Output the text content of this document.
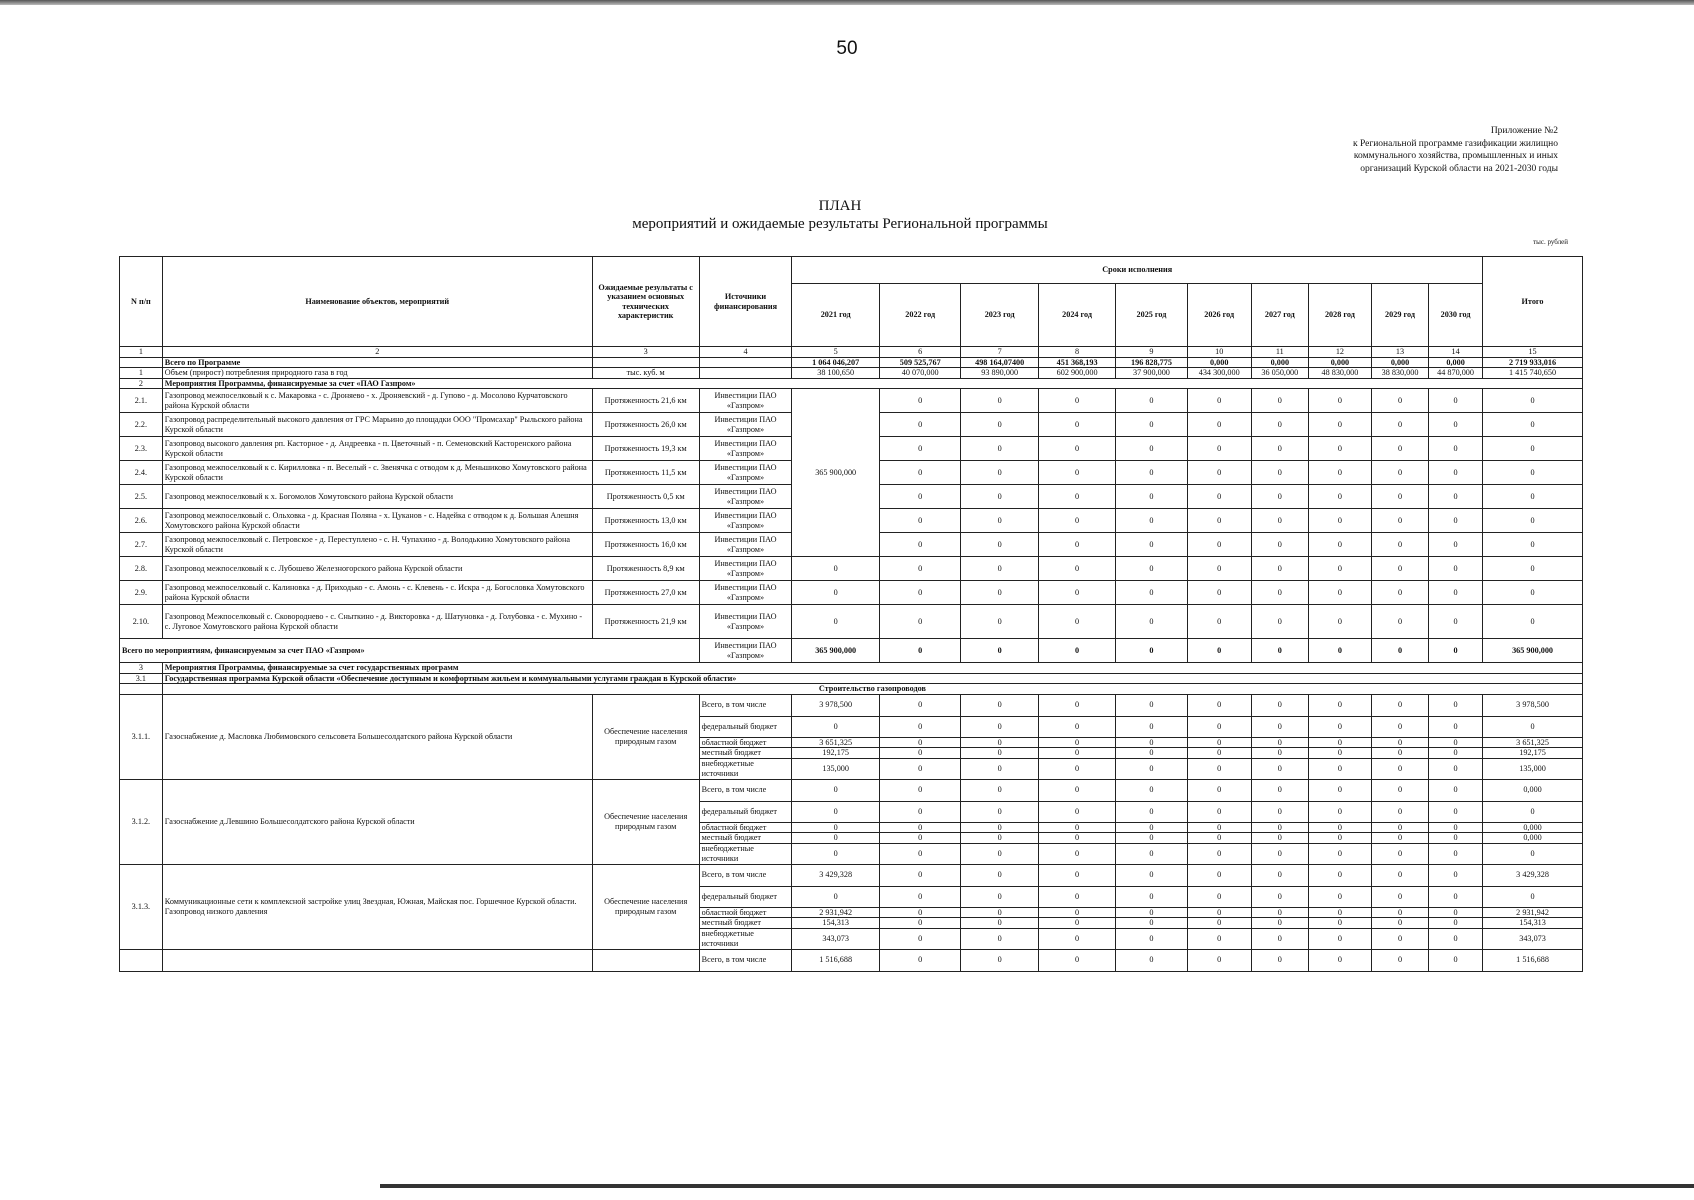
50
Приложение №2
к Региональной программе газификации жилищно
коммунального хозяйства, промышленных и иных
организаций Курской области на 2021-2030 годы
ПЛАН
мероприятий и ожидаемые результаты Региональной программы
тыс. рублей
N п/п	Наименование объектов, мероприятий	Ожидаемые результаты с указанием основных технических характеристик	Источники финансирования	Сроки исполнения										Итого
				2021 год	2022 год	2023 год	2024 год	2025 год	2026 год	2027 год	2028 год	2029 год	2030 год	
1	2	3	4	5	6	7	8	9	10	11	12	13	14	15
	Всего по Программе			1 064 046,207	509 525,767	498 164,07400	451 368,193	196 828,775	0,000	0,000	0,000	0,000	0,000	2 719 933,016
1	Объем (прирост) потребления природного газа в год	тыс. куб. м		38 100,650	40 070,000	93 890,000	602 900,000	37 900,000	434 300,000	36 050,000	48 830,000	38 830,000	44 870,000	1 415 740,650
2	Мероприятия Программы, финансируемые за счет «ПАО Газпром»													
2.1.	Газопровод межпоселковый к с. Макаровка - с. Дроняево - х. Дроняевский - д. Гупово - д. Мосолово Курчатовского района Курской области	Протяженность 21,6 км	Инвестиции ПАО «Газпром»	365 900,000	0	0	0	0	0	0	0	0	0	0
2.2.	Газопровод распределительный высокого давления от ГРС Марьино до площадки ООО "Промсахар" Рыльского района Курской области	Протяженность 26,0 км	Инвестиции ПАО «Газпром»		0	0	0	0	0	0	0	0	0	0
2.3.	Газопровод высокого давления рп. Касторное - д. Андреевка - п. Цветочный - п. Семеновский Касторенского района Курской области	Протяженность 19,3 км	Инвестиции ПАО «Газпром»		0	0	0	0	0	0	0	0	0	0
2.4.	Газопровод межпоселковый к с. Кирилловка - п. Веселый - с. Звенячка с отводом к д. Меньшиково Хомутовского района Курской области	Протяженность 11,5 км	Инвестиции ПАО «Газпром»		0	0	0	0	0	0	0	0	0	0
2.5.	Газопровод межпоселковый к х. Богомолов Хомутовского района Курской области	Протяженность 0,5 км	Инвестиции ПАО «Газпром»		0	0	0	0	0	0	0	0	0	0
2.6.	Газопровод межпоселковый с. Ольховка - д. Красная Поляна - х. Цуканов - с. Надейка с отводом к д. Большая Алешня Хомутовского района Курской области	Протяженность 13,0 км	Инвестиции ПАО «Газпром»		0	0	0	0	0	0	0	0	0	0
2.7.	Газопровод межпоселковый с. Петровское - д. Переступлено - с. Н. Чупахино - д. Володькино Хомутовского района Курской области	Протяженность 16,0 км	Инвестиции ПАО «Газпром»		0	0	0	0	0	0	0	0	0	0
2.8.	Газопровод межпоселковый к с. Лубошево Железногорского района Курской области	Протяженность 8,9 км	Инвестиции ПАО «Газпром»	0	0	0	0	0	0	0	0	0	0	0
2.9.	Газопровод межпоселковый с. Калиновка - д. Приходько - с. Амонь - с. Клевень - с. Искра - д. Богословка Хомутовского района Курской области	Протяженность 27,0 км	Инвестиции ПАО «Газпром»	0	0	0	0	0	0	0	0	0	0	0
2.10.	Газопровод Межпоселковый с. Сковороднево - с. Сныткино - д. Викторовка - д. Шатуновка - д. Голубовка - с. Мухино - с. Луговое Хомутовского района Курской области	Протяженность 21,9 км	Инвестиции ПАО «Газпром»	0	0	0	0	0	0	0	0	0	0	0
Всего по мероприятиям, финансируемым за счет ПАО «Газпром»			Инвестиции ПАО «Газпром»	365 900,000	0	0	0	0	0	0	0	0	0	365 900,000
3	Мероприятия Программы, финансируемые за счет государственных программ													
3.1	Государственная программа Курской области «Обеспечение доступным и комфортным жильем и коммунальными услугами граждан в Курской области»													
	Строительство газопроводов													
3.1.1.	Газоснабжение д. Масловка Любимовского сельсовета Большесолдатского района Курской области	Обеспечение населения природным газом	Всего, в том числе	3 978,500	0	0	0	0	0	0	0	0	0	3 978,500
			федеральный бюджет	0	0	0	0	0	0	0	0	0	0	0
			областной бюджет	3 651,325	0	0	0	0	0	0	0	0	0	3 651,325
			местный бюджет	192,175	0	0	0	0	0	0	0	0	0	192,175
			внебюджетные источники	135,000	0	0	0	0	0	0	0	0	0	135,000
3.1.2.	Газоснабжение д.Левшино Большесолдатского района Курской области	Обеспечение населения природным газом	Всего, в том числе	0	0	0	0	0	0	0	0	0	0	0,000
			федеральный бюджет	0	0	0	0	0	0	0	0	0	0	0
			областной бюджет	0	0	0	0	0	0	0	0	0	0	0,000
			местный бюджет	0	0	0	0	0	0	0	0	0	0	0,000
			внебюджетные источники	0	0	0	0	0	0	0	0	0	0	0
3.1.3.	Коммуникационные сети к комплексной застройке улиц Звездная, Южная, Майская пос. Горшечное Курской области. Газопровод низкого давления	Обеспечение населения природным газом	Всего, в том числе	3 429,328	0	0	0	0	0	0	0	0	0	3 429,328
			федеральный бюджет	0	0	0	0	0	0	0	0	0	0	0
			областной бюджет	2 931,942	0	0	0	0	0	0	0	0	0	2 931,942
			местный бюджет	154,313	0	0	0	0	0	0	0	0	0	154,313
			внебюджетные источники	343,073	0	0	0	0	0	0	0	0	0	343,073
			Всего, в том числе	1 516,688	0	0	0	0	0	0	0	0	0	1 516,688
